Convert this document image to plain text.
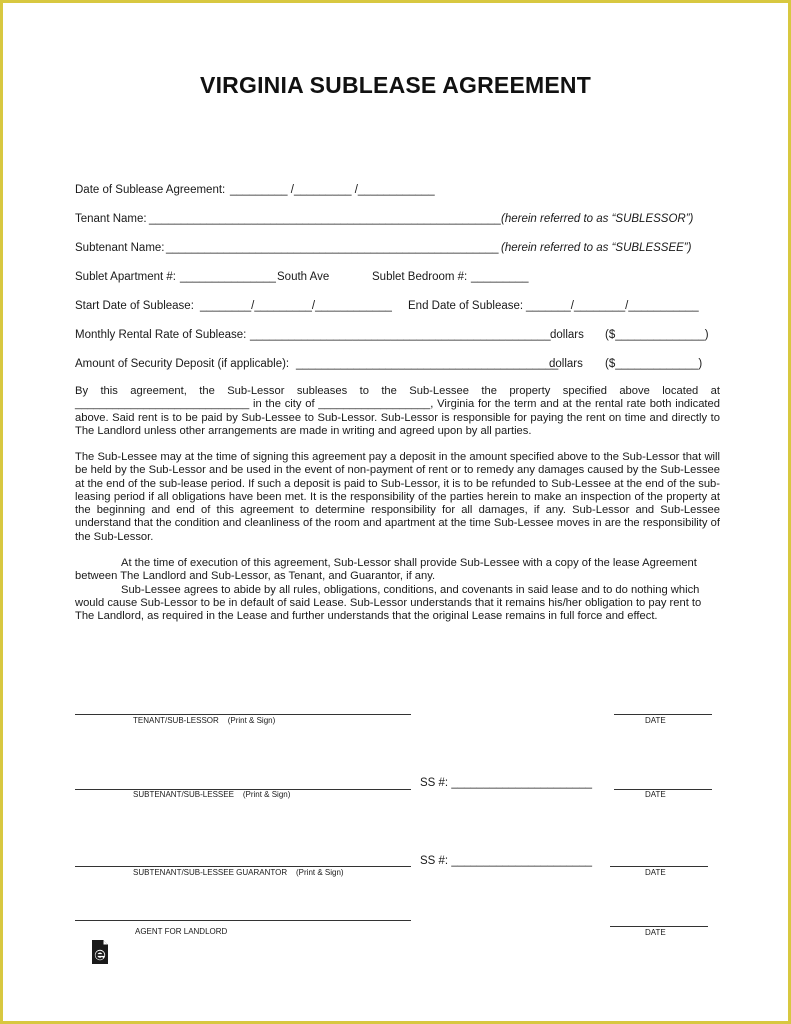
VIRGINIA SUBLEASE AGREEMENT
Date of Sublease Agreement: _________ /_________ /____________
Tenant Name: _______________________________________________________ (herein referred to as “SUBLESSOR”)
Subtenant Name: ____________________________________________________ (herein referred to as “SUBLESSEE”)
Sublet Apartment #: _______________ South Ave	Sublet Bedroom #: _________
Start Date of Sublease: ________/_________/____________ End Date of Sublease: _______/________/___________
Monthly Rental Rate of Sublease: _______________________________________________ dollars ($______________)
Amount of Security Deposit (if applicable): _________________________________________
dollars ($_____________)

By this agreement, the Sub-Lessor subleases to the Sub-Lessee the property specified above located at ____________________________ in the city of __________________, Virginia for the term and at the rental rate both indicated above. Said rent is to be paid by Sub-Lessee to Sub-Lessor. Sub-Lessor is responsible for paying the rent on time and directly to The Landlord unless other arrangements are made in writing and agreed upon by all parties.

The Sub-Lessee may at the time of signing this agreement pay a deposit in the amount specified above to the Sub-Lessor that will be held by the Sub-Lessor and be used in the event of non-payment of rent or to remedy any damages caused by the Sub-Lessee at the end of the sub-lease period. If such a deposit is paid to Sub-Lessor, it is to be refunded to Sub-Lessee at the end of the sub-leasing period if all obligations have been met. It is the responsibility of the parties herein to make an inspection of the property at the beginning and end of this agreement to determine responsibility for all damages, if any. Sub-Lessor and Sub-Lessee understand that the condition and cleanliness of the room and apartment at the time Sub-Lessee moves in are the responsibility of the Sub-Lessor.

At the time of execution of this agreement, Sub-Lessor shall provide Sub-Lessee with a copy of the lease Agreement between The Landlord and Sub-Lessor, as Tenant, and Guarantor, if any.

Sub-Lessee agrees to abide by all rules, obligations, conditions, and covenants in said lease and to do nothing which would cause Sub-Lessor to be in default of said Lease. Sub-Lessor understands that it remains his/her obligation to pay rent to The Landlord, as required in the Lease and further understands that the original Lease remains in full force and effect.

TENANT/SUB-LESSOR (Print & Sign)	DATE
SS #: ______________________
SUBTENANT/SUB-LESSEE (Print & Sign)	DATE
SS #: ______________________
SUBTENANT/SUB-LESSEE GUARANTOR (Print & Sign)	DATE
AGENT FOR LANDLORD	DATE
